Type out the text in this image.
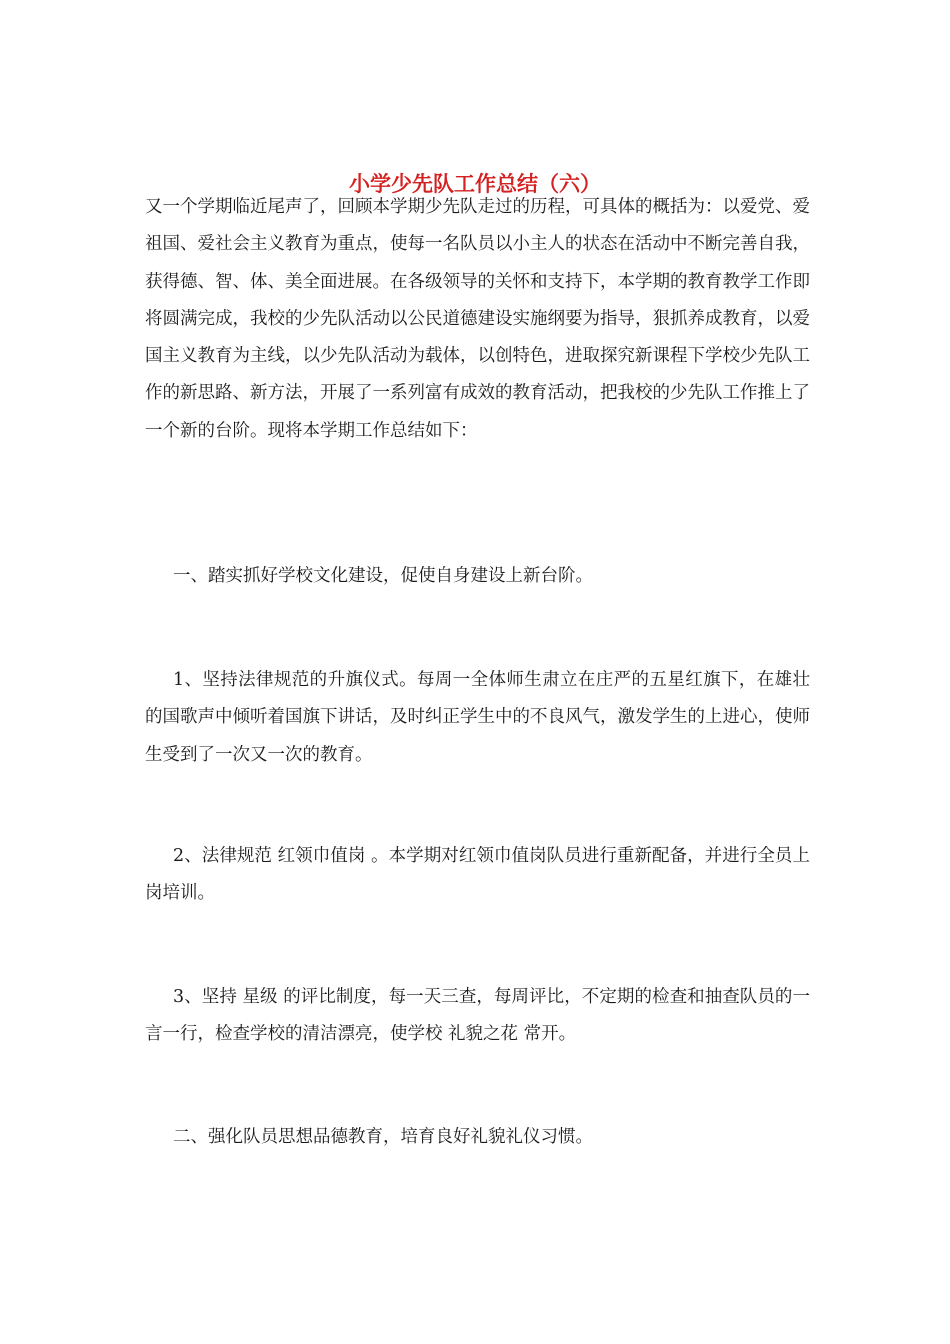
小学少先队工作总结（六）

又一个学期临近尾声了，回顾本学期少先队走过的历程，可具体的概括为：以爱党、爱祖国、爱社会主义教育为重点，使每一名队员以小主人的状态在活动中不断完善自我，获得德、智、体、美全面进展。在各级领导的关怀和支持下，本学期的教育教学工作即将圆满完成，我校的少先队活动以公民道德建设实施纲要为指导，狠抓养成教育，以爱国主义教育为主线，以少先队活动为载体，以创特色，进取探究新课程下学校少先队工作的新思路、新方法，开展了一系列富有成效的教育活动，把我校的少先队工作推上了一个新的台阶。现将本学期工作总结如下：

一、踏实抓好学校文化建设，促使自身建设上新台阶。

1、坚持法律规范的升旗仪式。每周一全体师生肃立在庄严的五星红旗下，在雄壮的国歌声中倾听着国旗下讲话，及时纠正学生中的不良风气，激发学生的上进心，使师生受到了一次又一次的教育。

2、法律规范 红领巾值岗 。本学期对红领巾值岗队员进行重新配备，并进行全员上岗培训。

3、坚持 星级 的评比制度，每一天三查，每周评比，不定期的检查和抽查队员的一言一行，检查学校的清洁漂亮，使学校 礼貌之花 常开。

二、强化队员思想品德教育，培育良好礼貌礼仪习惯。
